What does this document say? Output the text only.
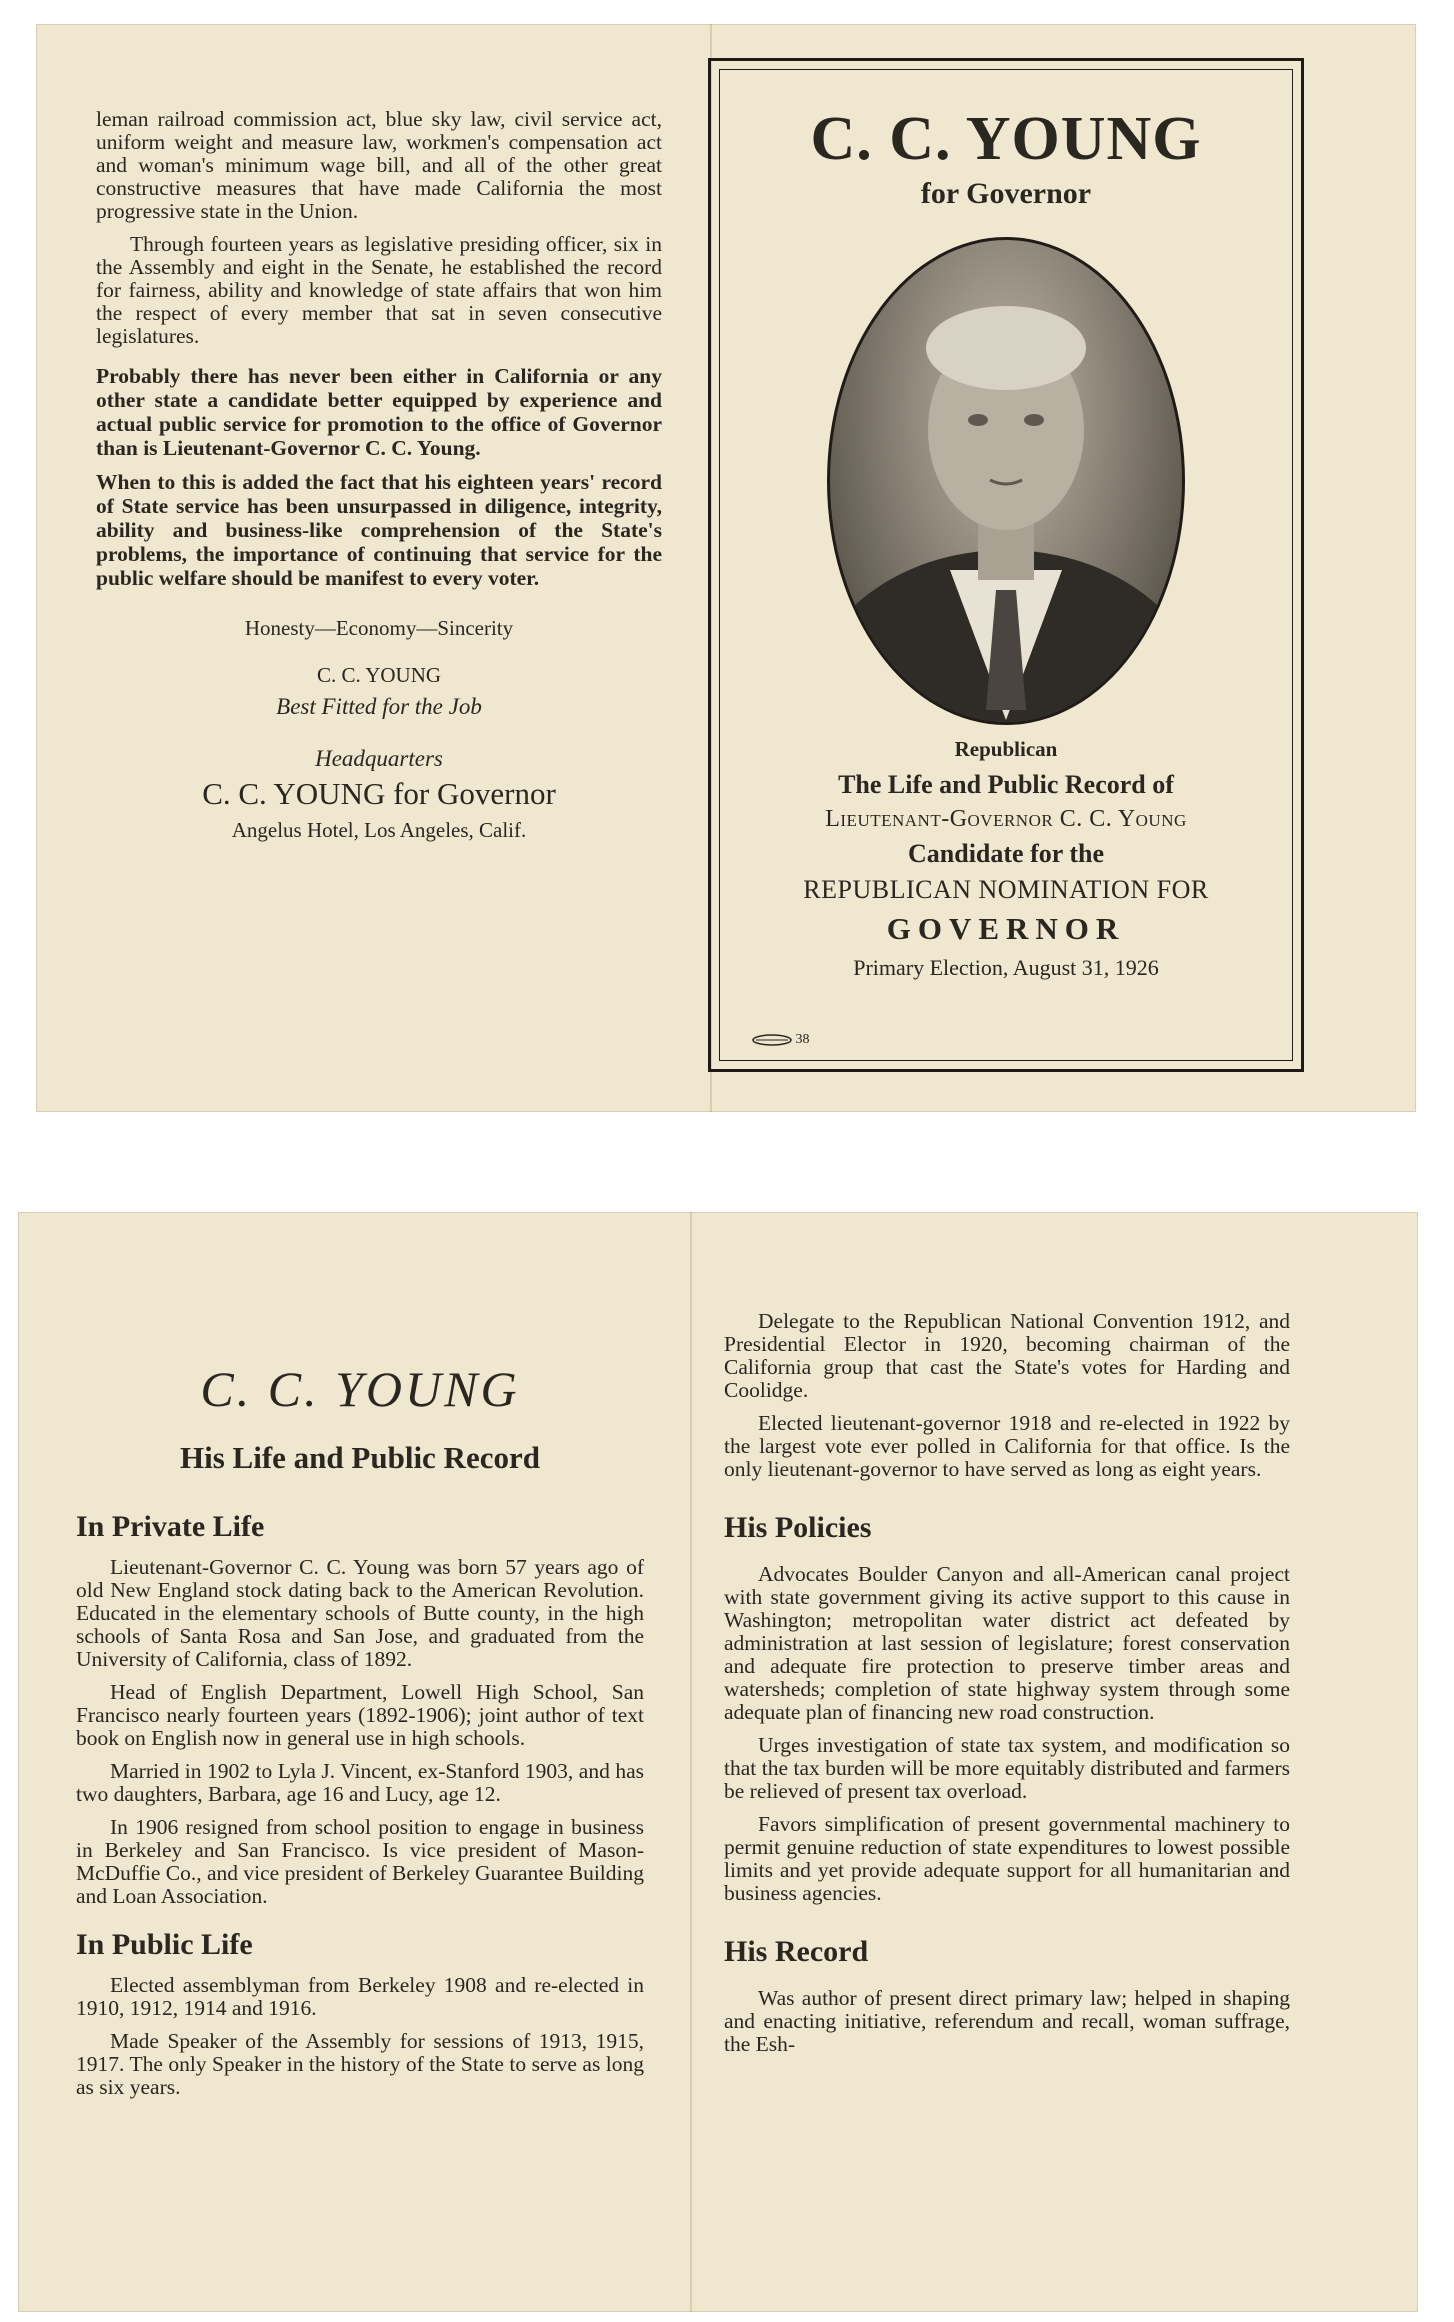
leman railroad commission act, blue sky law, civil service act, uniform weight and measure law, workmen's compensation act and woman's minimum wage bill, and all of the other great constructive measures that have made California the most progressive state in the Union.

Through fourteen years as legislative presiding officer, six in the Assembly and eight in the Senate, he established the record for fairness, ability and knowledge of state affairs that won him the respect of every member that sat in seven consecutive legislatures.

Probably there has never been either in California or any other state a candidate better equipped by experience and actual public service for promotion to the office of Governor than is Lieutenant-Governor C. C. Young.

When to this is added the fact that his eighteen years' record of State service has been unsurpassed in diligence, integrity, ability and business-like comprehension of the State's problems, the importance of continuing that service for the public welfare should be manifest to every voter.

Honesty—Economy—Sincerity
C. C. YOUNG
Best Fitted for the Job
Headquarters
C. C. YOUNG for Governor
Angelus Hotel, Los Angeles, Calif.
C. C. YOUNG
for Governor
Republican
The Life and Public Record of
Lieutenant-Governor C. C. Young
Candidate for the
REPUBLICAN NOMINATION FOR
GOVERNOR
Primary Election, August 31, 1926
38
C. C. YOUNG
His Life and Public Record
In Private Life

Lieutenant-Governor C. C. Young was born 57 years ago of old New England stock dating back to the American Revolution. Educated in the elementary schools of Butte county, in the high schools of Santa Rosa and San Jose, and graduated from the University of California, class of 1892.

Head of English Department, Lowell High School, San Francisco nearly fourteen years (1892-1906); joint author of text book on English now in general use in high schools.

Married in 1902 to Lyla J. Vincent, ex-Stanford 1903, and has two daughters, Barbara, age 16 and Lucy, age 12.

In 1906 resigned from school position to engage in business in Berkeley and San Francisco. Is vice president of Mason-McDuffie Co., and vice president of Berkeley Guarantee Building and Loan Association.

In Public Life

Elected assemblyman from Berkeley 1908 and re-elected in 1910, 1912, 1914 and 1916.

Made Speaker of the Assembly for sessions of 1913, 1915, 1917. The only Speaker in the history of the State to serve as long as six years.

Delegate to the Republican National Convention 1912, and Presidential Elector in 1920, becoming chairman of the California group that cast the State's votes for Harding and Coolidge.

Elected lieutenant-governor 1918 and re-elected in 1922 by the largest vote ever polled in California for that office. Is the only lieutenant-governor to have served as long as eight years.

His Policies

Advocates Boulder Canyon and all-American canal project with state government giving its active support to this cause in Washington; metropolitan water district act defeated by administration at last session of legislature; forest conservation and adequate fire protection to preserve timber areas and watersheds; completion of state highway system through some adequate plan of financing new road construction.

Urges investigation of state tax system, and modification so that the tax burden will be more equitably distributed and farmers be relieved of present tax overload.

Favors simplification of present governmental machinery to permit genuine reduction of state expenditures to lowest possible limits and yet provide adequate support for all humanitarian and business agencies.

His Record

Was author of present direct primary law; helped in shaping and enacting initiative, referendum and recall, woman suffrage, the Esh-
